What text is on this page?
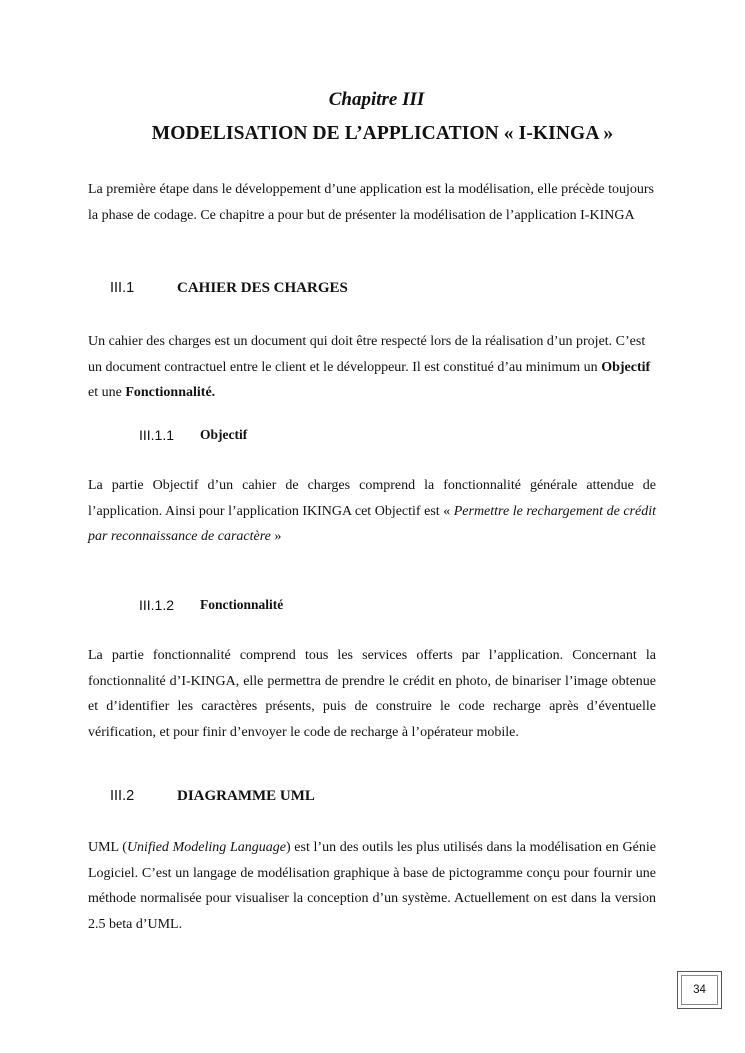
Chapitre III
MODELISATION DE L’APPLICATION « I-KINGA »

La première étape dans le développement d’une application est la modélisation, elle précède toujours la phase de codage. Ce chapitre a pour but de présenter la modélisation de l’application I-KINGA

III.1	CAHIER DES CHARGES

Un cahier des charges est un document qui doit être respecté lors de la réalisation d’un projet. C’est un document contractuel entre le client et le développeur. Il est constitué d’au minimum un Objectif et une Fonctionnalité.

III.1.1 Objectif

La partie Objectif d’un cahier de charges comprend la fonctionnalité générale attendue de l’application. Ainsi pour l’application IKINGA cet Objectif est « Permettre le rechargement de crédit par reconnaissance de caractère »

III.1.2 Fonctionnalité

La partie fonctionnalité comprend tous les services offerts par l’application. Concernant la fonctionnalité d’I-KINGA, elle permettra de prendre le crédit en photo, de binariser l’image obtenue et d’identifier les caractères présents, puis de construire le code recharge après d’éventuelle vérification, et pour finir d’envoyer le code de recharge à l’opérateur mobile.

III.2	DIAGRAMME UML

UML (Unified Modeling Language) est l’un des outils les plus utilisés dans la modélisation en Génie Logiciel. C’est un langage de modélisation graphique à base de pictogramme conçu pour fournir une méthode normalisée pour visualiser la conception d’un système. Actuellement on est dans la version 2.5 beta d’UML.

34
